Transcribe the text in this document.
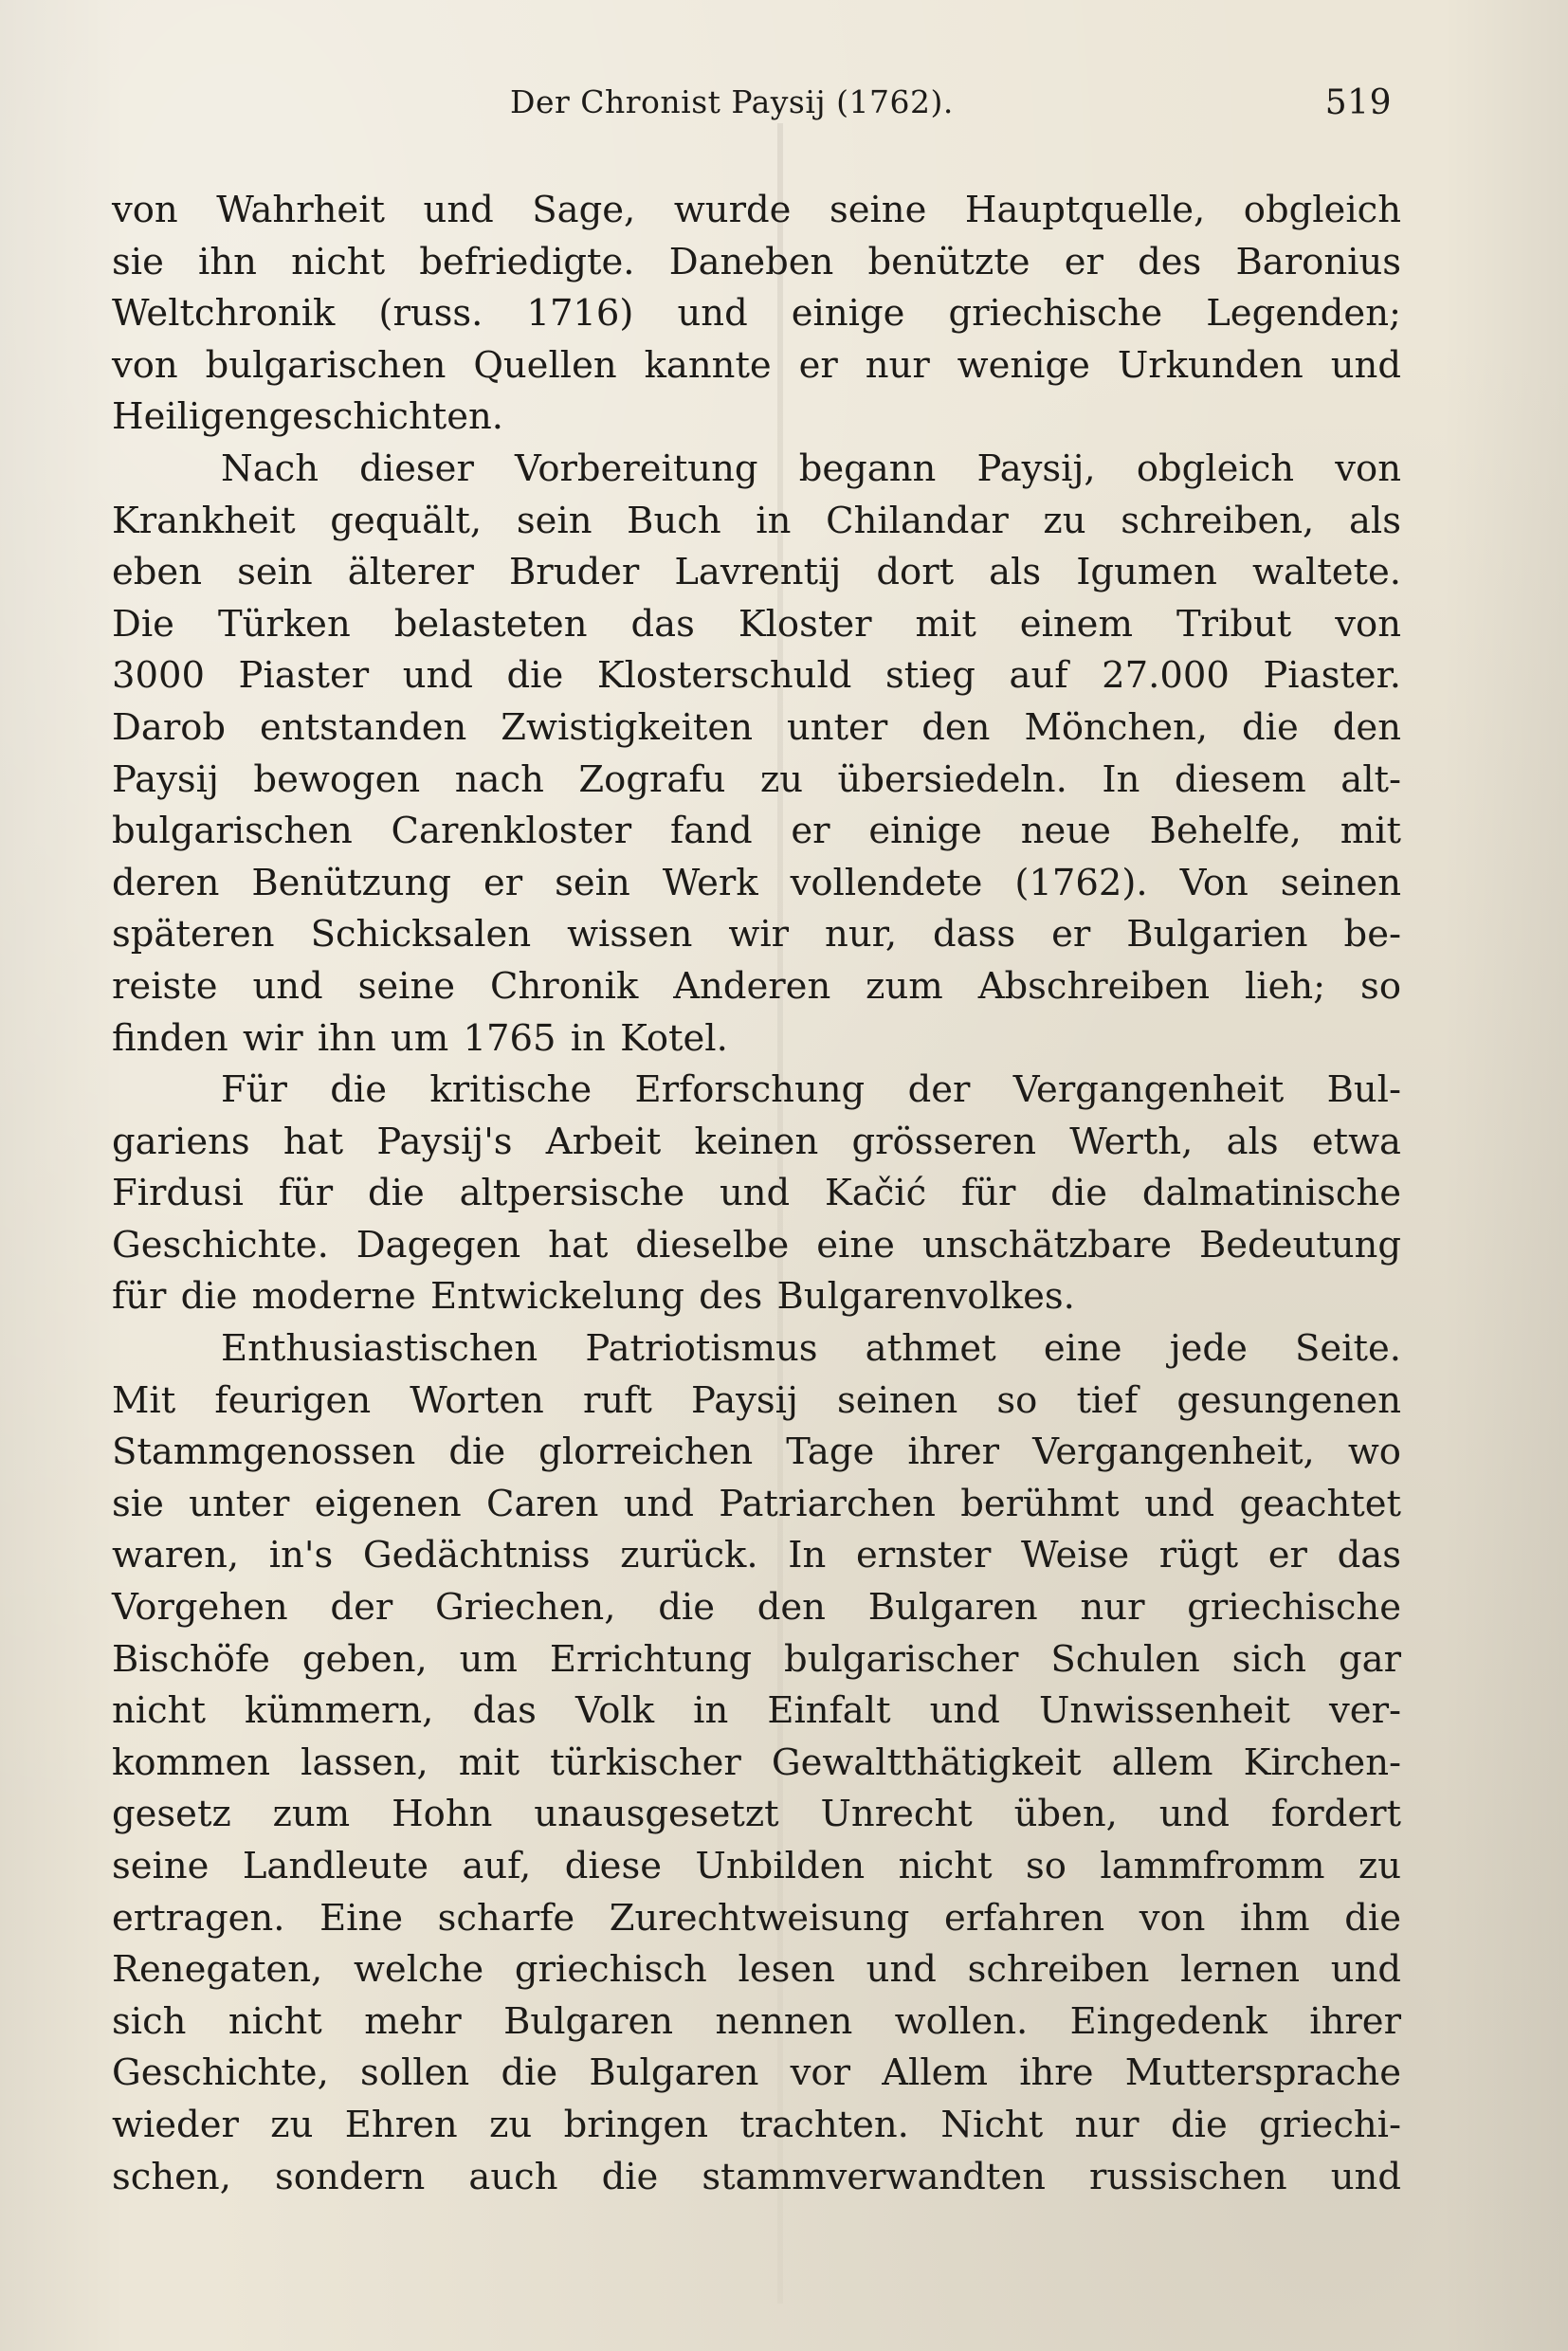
Der Chronist Paysij (1762).	519
von Wahrheit und Sage, wurde seine Hauptquelle, obgleich
sie ihn nicht befriedigte. Daneben benützte er des Baronius
Weltchronik (russ. 1716) und einige griechische Legenden;
von bulgarischen Quellen kannte er nur wenige Urkunden und
Heiligengeschichten.
Nach dieser Vorbereitung begann Paysij, obgleich von
Krankheit gequält, sein Buch in Chilandar zu schreiben, als
eben sein älterer Bruder Lavrentij dort als Igumen waltete.
Die Türken belasteten das Kloster mit einem Tribut von
3000 Piaster und die Klosterschuld stieg auf 27.000 Piaster.
Darob entstanden Zwistigkeiten unter den Mönchen, die den
Paysij bewogen nach Zografu zu übersiedeln. In diesem alt-
bulgarischen Carenkloster fand er einige neue Behelfe, mit
deren Benützung er sein Werk vollendete (1762). Von seinen
späteren Schicksalen wissen wir nur, dass er Bulgarien be-
reiste und seine Chronik Anderen zum Abschreiben lieh; so
finden wir ihn um 1765 in Kotel.
Für die kritische Erforschung der Vergangenheit Bul-
gariens hat Paysij's Arbeit keinen grösseren Werth, als etwa
Firdusi für die altpersische und Kačić für die dalmatinische
Geschichte. Dagegen hat dieselbe eine unschätzbare Bedeutung
für die moderne Entwickelung des Bulgarenvolkes.
Enthusiastischen Patriotismus athmet eine jede Seite.
Mit feurigen Worten ruft Paysij seinen so tief gesungenen
Stammgenossen die glorreichen Tage ihrer Vergangenheit, wo
sie unter eigenen Caren und Patriarchen berühmt und geachtet
waren, in's Gedächtniss zurück. In ernster Weise rügt er das
Vorgehen der Griechen, die den Bulgaren nur griechische
Bischöfe geben, um Errichtung bulgarischer Schulen sich gar
nicht kümmern, das Volk in Einfalt und Unwissenheit ver-
kommen lassen, mit türkischer Gewaltthätigkeit allem Kirchen-
gesetz zum Hohn unausgesetzt Unrecht üben, und fordert
seine Landleute auf, diese Unbilden nicht so lammfromm zu
ertragen. Eine scharfe Zurechtweisung erfahren von ihm die
Renegaten, welche griechisch lesen und schreiben lernen und
sich nicht mehr Bulgaren nennen wollen. Eingedenk ihrer
Geschichte, sollen die Bulgaren vor Allem ihre Muttersprache
wieder zu Ehren zu bringen trachten. Nicht nur die griechi-
schen, sondern auch die stammverwandten russischen und
